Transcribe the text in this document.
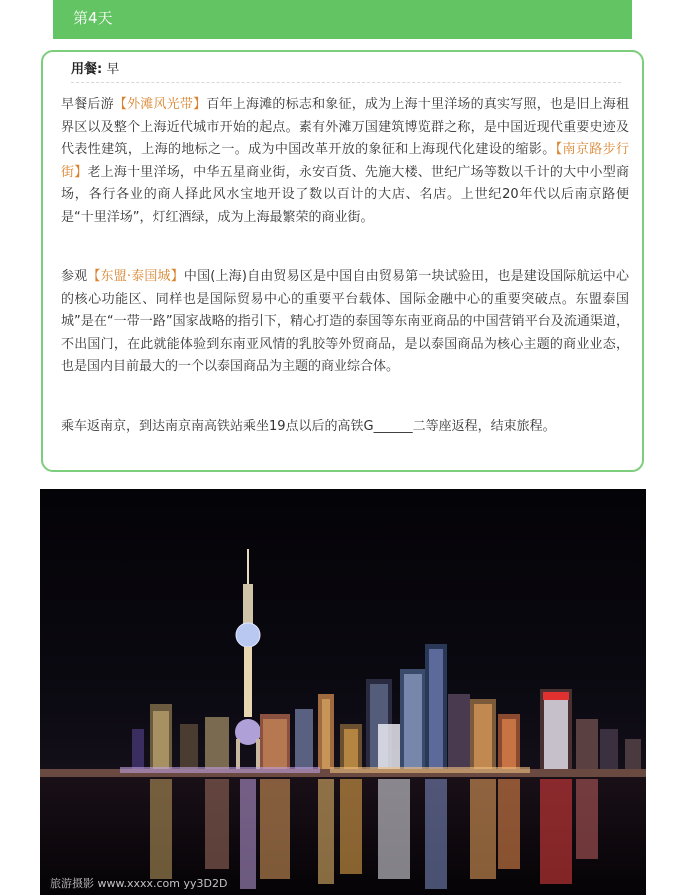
第4天
用餐: 早

早餐后游【外滩风光带】百年上海滩的标志和象征，成为上海十里洋场的真实写照，也是旧上海租界区以及整个上海近代城市开始的起点。素有外滩万国建筑博览群之称，是中国近现代重要史迹及代表性建筑，上海的地标之一。成为中国改革开放的象征和上海现代化建设的缩影。【南京路步行街】老上海十里洋场，中华五星商业街，永安百货、先施大楼、世纪广场等数以千计的大中小型商场，各行各业的商人择此风水宝地开设了数以百计的大店、名店。上世纪20年代以后南京路便是“十里洋场”，灯红酒绿，成为上海最繁荣的商业街。

参观【东盟·泰国城】中国(上海)自由贸易区是中国自由贸易第一块试验田，也是建设国际航运中心的核心功能区、同样也是国际贸易中心的重要平台载体、国际金融中心的重要突破点。东盟泰国城”是在“一带一路”国家战略的指引下，精心打造的泰国等东南亚商品的中国营销平台及流通渠道，不出国门，在此就能体验到东南亚风情的乳胶等外贸商品，是以泰国商品为核心主题的商业业态，也是国内目前最大的一个以泰国商品为主题的商业综合体。

乘车返南京，到达南京南高铁站乘坐19点以后的高铁G______二等座返程，结束旅程。

旅游摄影 www.xxxx.com yy3D2D
